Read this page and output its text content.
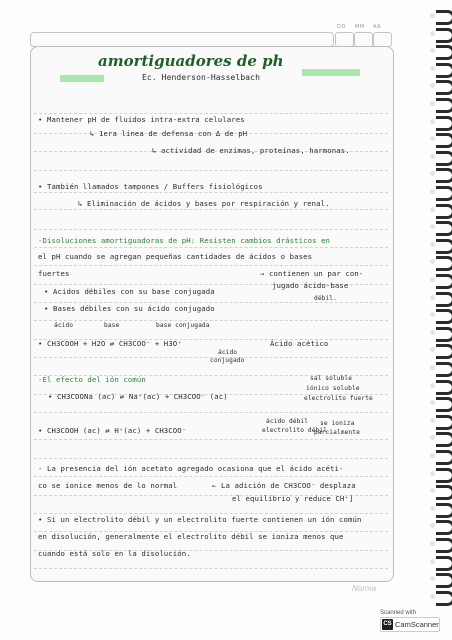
DD MM AA
amortiguadores de ph
Ec. Henderson-Hasselbach
• Mantener pH de fluidos intra-extra celulares
↳ 1era línea de defensa con Δ de pH
↳ actividad de enzimas, proteínas, harmonas.
• También llamados tampones / Buffers fisiológicos
↳ Eliminación de ácidos y bases por respiración y renal.
-Disoluciones amortiguadoras de pH: Resisten cambios drásticos en
el pH cuando se agregan pequeñas cantidades de ácidos o bases
fuertes	→ contienen un par con-
jugado ácido-base
débil.
• Acidos débiles con su base conjugada
• Bases débiles con su ácido conjugado
ácido	base	base conjugada
• CH3COOH + H2O ⇄ CH3COO⁻ + H3O⁺
ácido
conjugado
Ácido acético
-El efecto del ión común	sal soluble
iónico soluble
electrolito fuerte
• CH3COONa (ac) ⇄ Na⁺(ac) + CH3COO⁻ (ac)
ácido débil
electrolito débil
se ioniza
parcialmente
• CH3COOH (ac) ⇄ H⁺(ac) + CH3COO⁻
- La presencia del ión acetato agregado ocasiona que el ácido acéti-
co se ionice menos de lo normal	← La adición de CH3COO⁻ desplaza
el equilibrio y reduce CH⁺]
• Si un electrolito débil y un electrolito fuerte contienen un ión común
en disolución, generalmente el electrolito débil se ioniza menos que
cuando está solo en la disolución.
Norma
Scanned with
CS CamScanner
